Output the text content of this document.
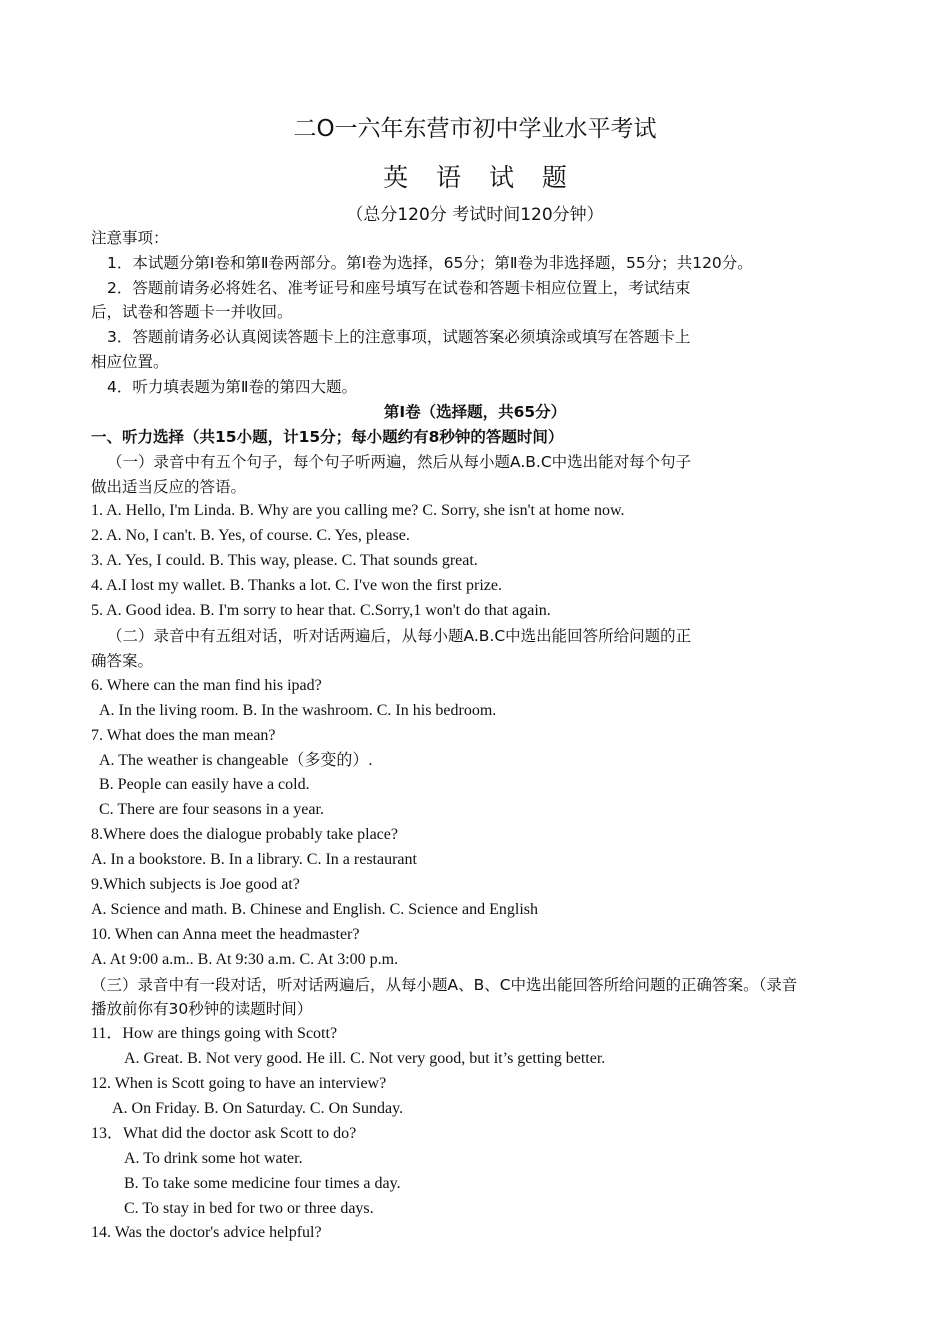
二O一六年东营市初中学业水平考试
英 语 试 题
（总分120分 考试时间120分钟）
注意事项：
1．本试题分第Ⅰ卷和第Ⅱ卷两部分。第Ⅰ卷为选择，65分；第Ⅱ卷为非选择题，55分；共120分。
2．答题前请务必将姓名、准考证号和座号填写在试卷和答题卡相应位置上，考试结束
后，试卷和答题卡一并收回。
3．答题前请务必认真阅读答题卡上的注意事项，试题答案必须填涂或填写在答题卡上
相应位置。
4．听力填表题为第Ⅱ卷的第四大题。
第Ⅰ卷（选择题，共65分）
一、听力选择（共15小题，计15分；每小题约有8秒钟的答题时间）
（一）录音中有五个句子，每个句子听两遍，然后从每小题A.B.C中选出能对每个句子
做出适当反应的答语。
1. A. Hello, I'm Linda. B. Why are you calling me? C. Sorry, she isn't at home now.
2. A. No, I can't. B. Yes, of course. C. Yes, please.
3. A. Yes, I could. B. This way, please. C. That sounds great.
4. A.I lost my wallet. B. Thanks a lot. C. I've won the first prize.
5. A. Good idea. B. I'm sorry to hear that. C.Sorry,1 won't do that again.
（二）录音中有五组对话，听对话两遍后，从每小题A.B.C中选出能回答所给问题的正
确答案。
6. Where can the man find his ipad?
A. In the living room. B. In the washroom. C. In his bedroom.
7. What does the man mean?
A. The weather is changeable（多变的）.
B. People can easily have a cold.
C. There are four seasons in a year.
8.Where does the dialogue probably take place?
A. In a bookstore. B. In a library. C. In a restaurant
9.Which subjects is Joe good at?
A. Science and math. B. Chinese and English. C. Science and English
10. When can Anna meet the headmaster?
A. At 9:00 a.m.. B. At 9:30 a.m. C. At 3:00 p.m.
（三）录音中有一段对话，听对话两遍后，从每小题A、B、C中选出能回答所给问题的正确答案。（录音
播放前你有30秒钟的读题时间）
11．How are things going with Scott?
A. Great. B. Not very good. He ill. C. Not very good, but it’s getting better.
12. When is Scott going to have an interview?
A. On Friday. B. On Saturday. C. On Sunday.
13．What did the doctor ask Scott to do?
A. To drink some hot water.
B. To take some medicine four times a day.
C. To stay in bed for two or three days.
14. Was the doctor's advice helpful?
